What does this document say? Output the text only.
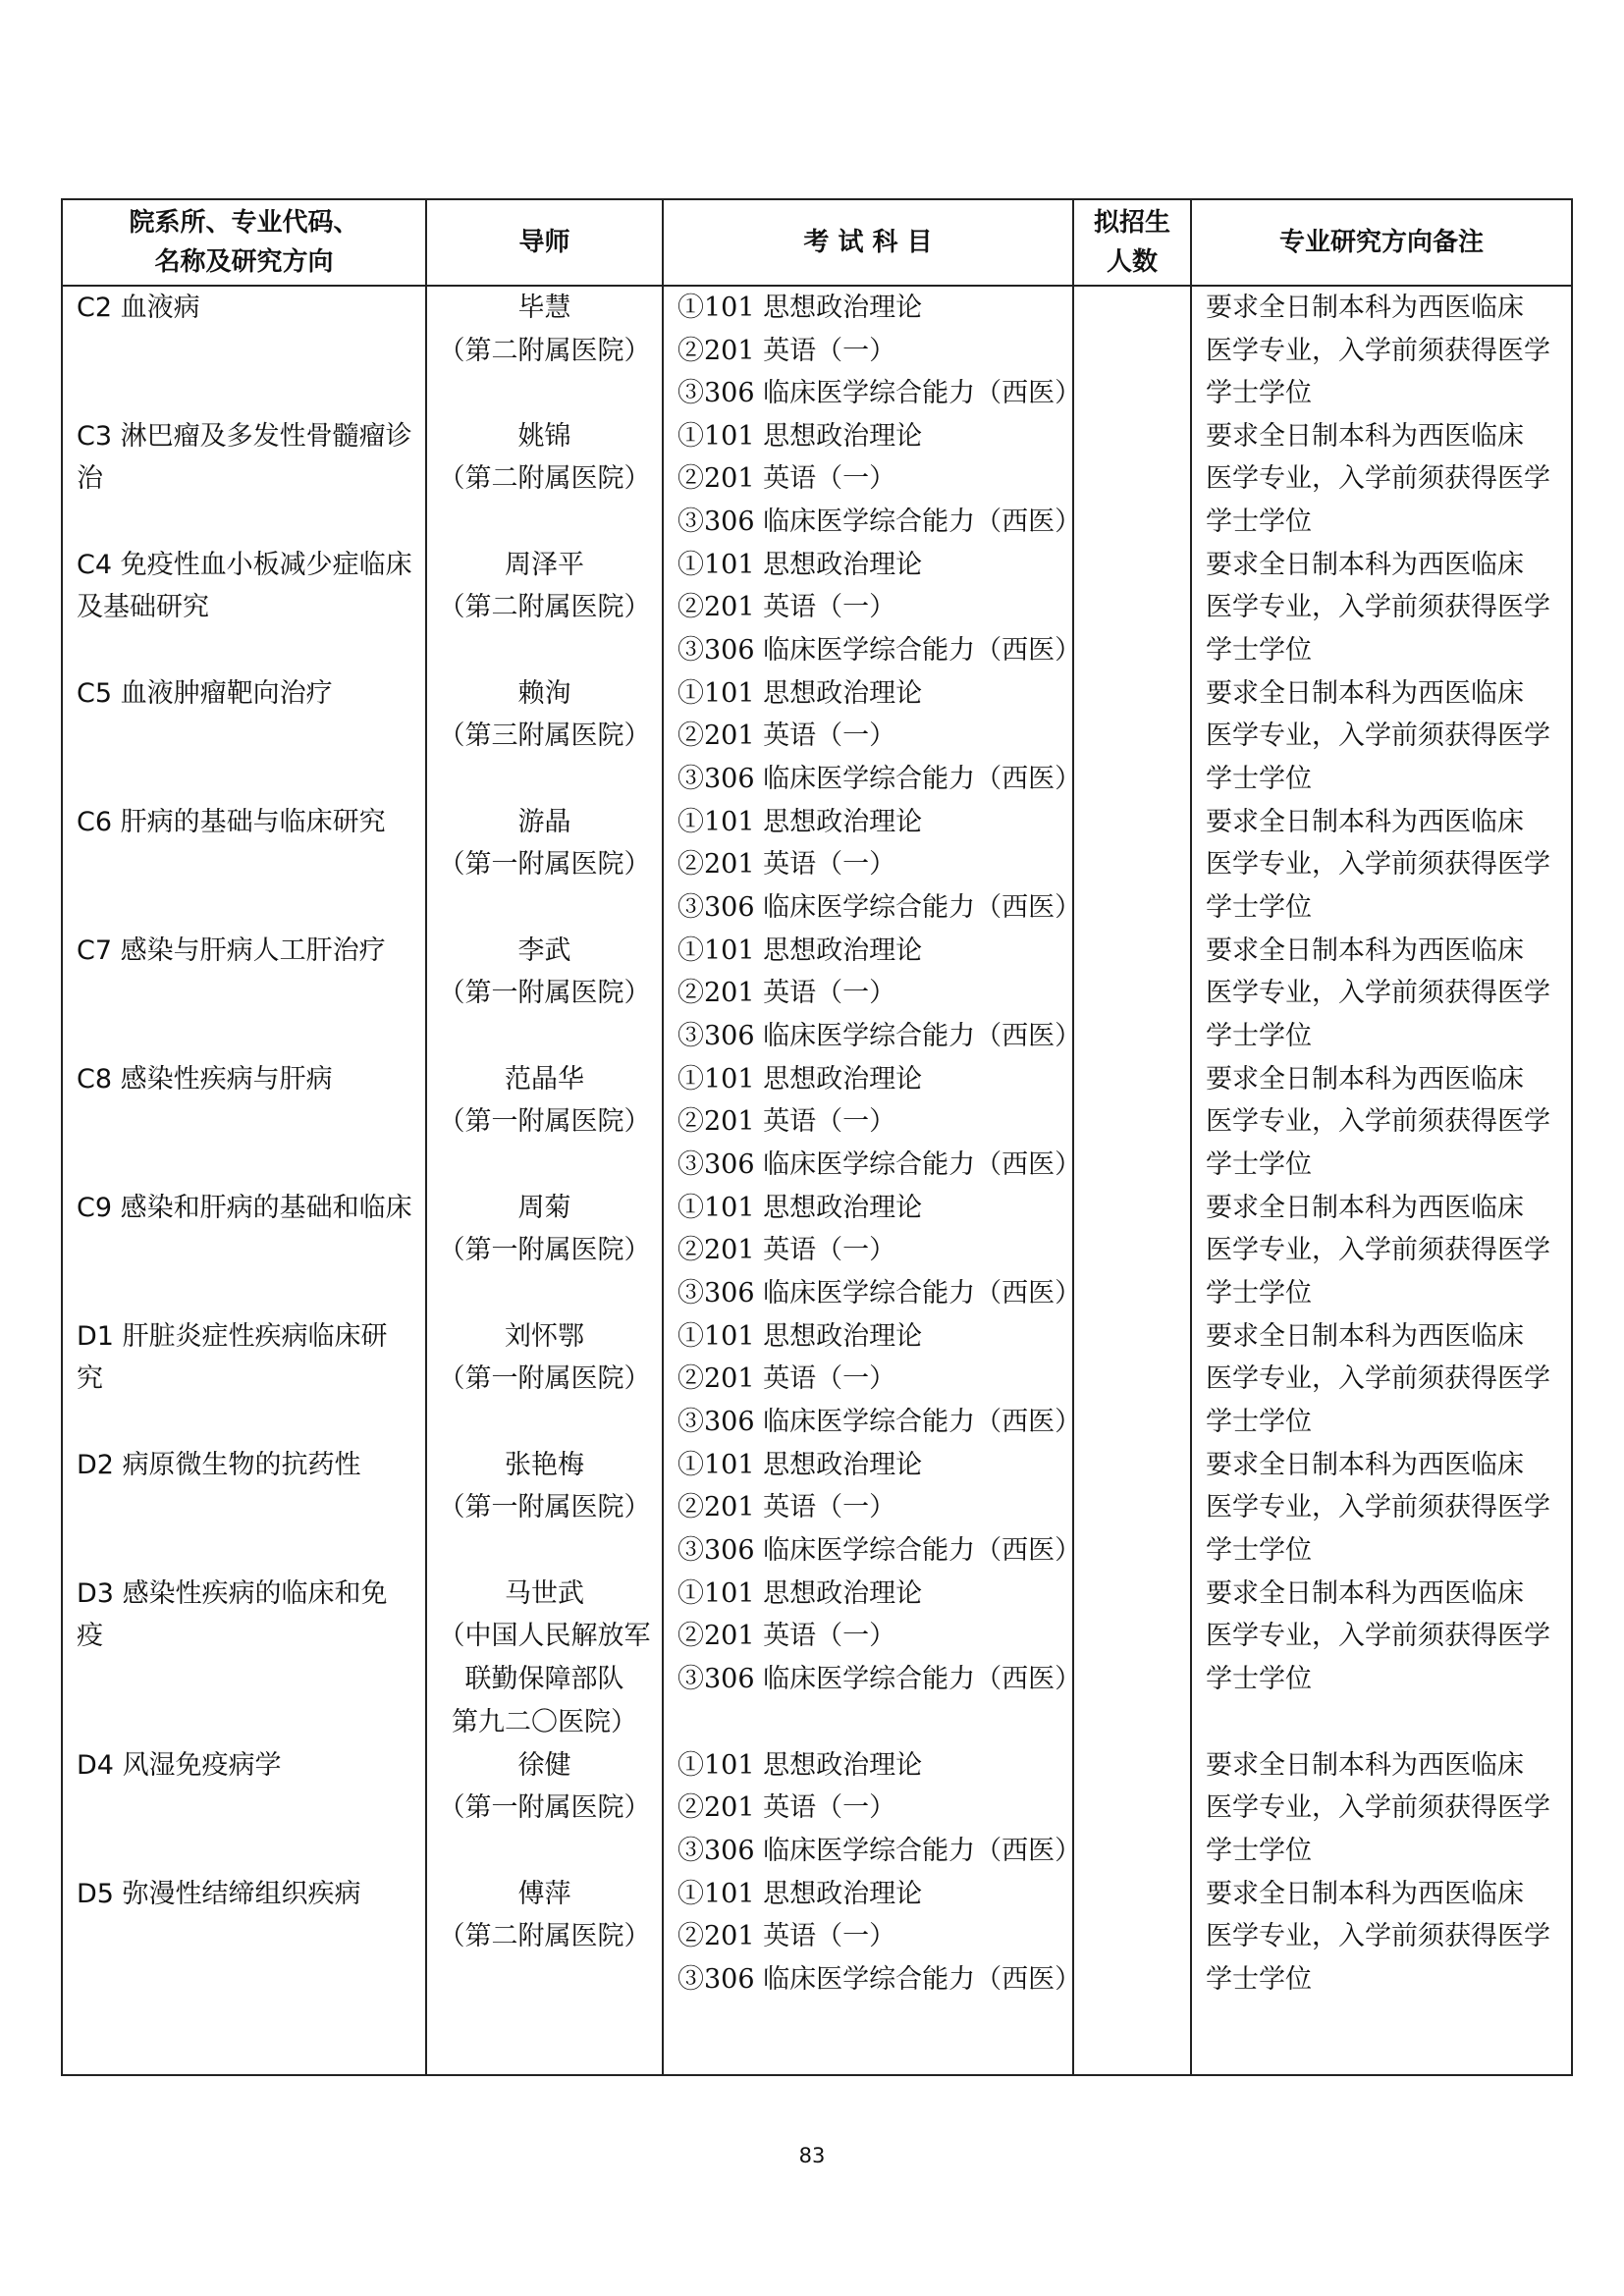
院系所、专业代码、
名称及研究方向	导师	考 试 科 目	拟招生
人数	专业研究方向备注

C2 血液病	毕慧
（第二附属医院）	①101 思想政治理论
②201 英语（一）
③306 临床医学综合能力（西医）		要求全日制本科为西医临床
医学专业，入学前须获得医学
学士学位

C3 淋巴瘤及多发性骨髓瘤诊治	姚锦
（第二附属医院）	①101 思想政治理论
②201 英语（一）
③306 临床医学综合能力（西医）		要求全日制本科为西医临床
医学专业，入学前须获得医学
学士学位

C4 免疫性血小板减少症临床及基础研究	周泽平
（第二附属医院）	①101 思想政治理论
②201 英语（一）
③306 临床医学综合能力（西医）		要求全日制本科为西医临床
医学专业，入学前须获得医学
学士学位

C5 血液肿瘤靶向治疗	赖洵
（第三附属医院）	①101 思想政治理论
②201 英语（一）
③306 临床医学综合能力（西医）		要求全日制本科为西医临床
医学专业，入学前须获得医学
学士学位

C6 肝病的基础与临床研究	游晶
（第一附属医院）	①101 思想政治理论
②201 英语（一）
③306 临床医学综合能力（西医）		要求全日制本科为西医临床
医学专业，入学前须获得医学
学士学位

C7 感染与肝病人工肝治疗	李武
（第一附属医院）	①101 思想政治理论
②201 英语（一）
③306 临床医学综合能力（西医）		要求全日制本科为西医临床
医学专业，入学前须获得医学
学士学位

C8 感染性疾病与肝病	范晶华
（第一附属医院）	①101 思想政治理论
②201 英语（一）
③306 临床医学综合能力（西医）		要求全日制本科为西医临床
医学专业，入学前须获得医学
学士学位

C9 感染和肝病的基础和临床	周菊
（第一附属医院）	①101 思想政治理论
②201 英语（一）
③306 临床医学综合能力（西医）		要求全日制本科为西医临床
医学专业，入学前须获得医学
学士学位

D1 肝脏炎症性疾病临床研究	刘怀鄂
（第一附属医院）	①101 思想政治理论
②201 英语（一）
③306 临床医学综合能力（西医）		要求全日制本科为西医临床
医学专业，入学前须获得医学
学士学位

D2 病原微生物的抗药性	张艳梅
（第一附属医院）	①101 思想政治理论
②201 英语（一）
③306 临床医学综合能力（西医）		要求全日制本科为西医临床
医学专业，入学前须获得医学
学士学位

D3 感染性疾病的临床和免疫	马世武
（中国人民解放军
联勤保障部队
第九二〇医院）	①101 思想政治理论
②201 英语（一）
③306 临床医学综合能力（西医）		要求全日制本科为西医临床
医学专业，入学前须获得医学
学士学位

D4 风湿免疫病学	徐健
（第一附属医院）	①101 思想政治理论
②201 英语（一）
③306 临床医学综合能力（西医）		要求全日制本科为西医临床
医学专业，入学前须获得医学
学士学位

D5 弥漫性结缔组织疾病	傅萍
（第二附属医院）	①101 思想政治理论
②201 英语（一）
③306 临床医学综合能力（西医）		要求全日制本科为西医临床
医学专业，入学前须获得医学
学士学位
83
